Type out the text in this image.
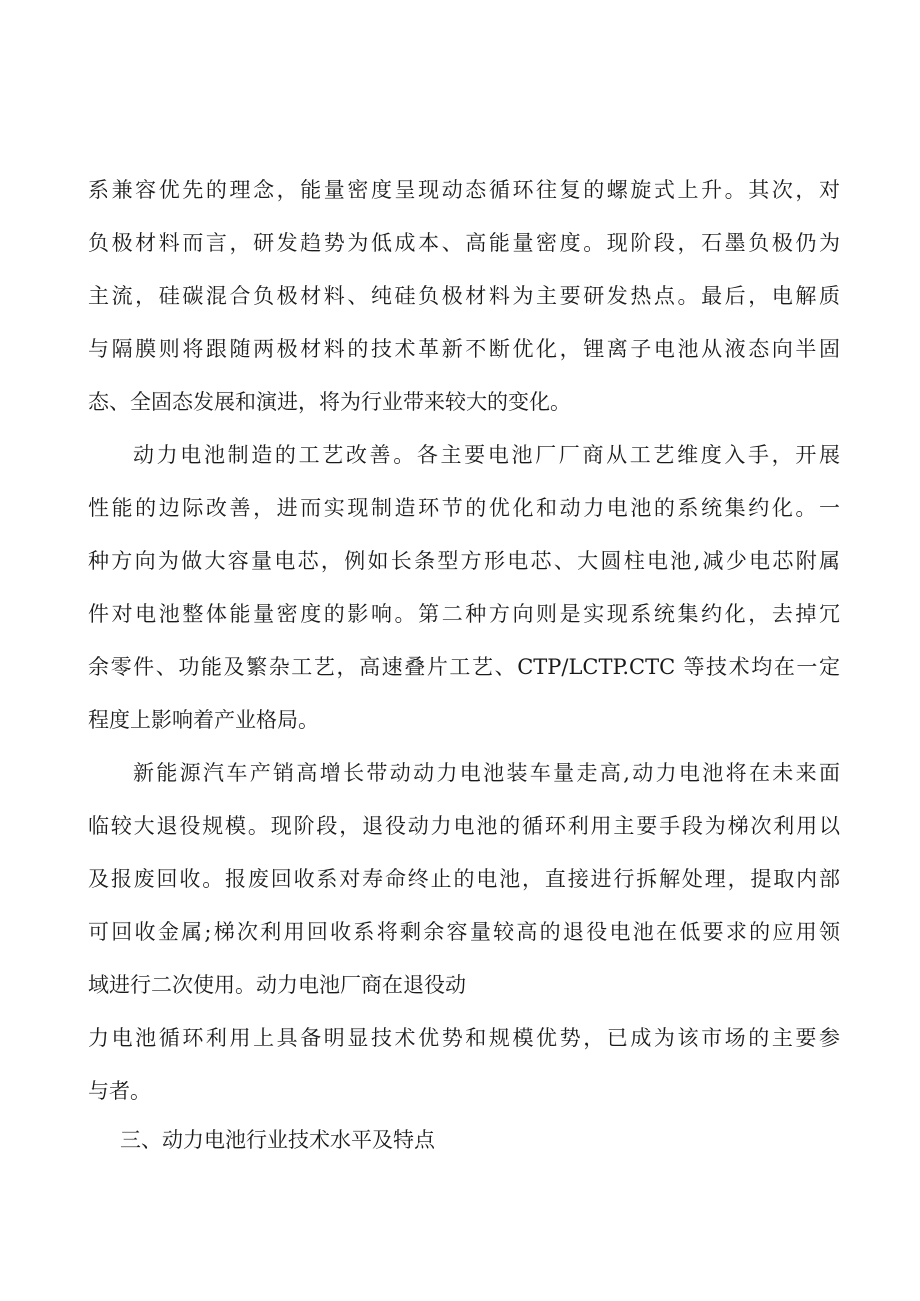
系兼容优先的理念，能量密度呈现动态循环往复的螺旋式上升。其次，对
负极材料而言，研发趋势为低成本、高能量密度。现阶段，石墨负极仍为
主流，硅碳混合负极材料、纯硅负极材料为主要研发热点。最后，电解质
与隔膜则将跟随两极材料的技术革新不断优化，锂离子电池从液态向半固
态、全固态发展和演进，将为行业带来较大的变化。
动力电池制造的工艺改善。各主要电池厂厂商从工艺维度入手，开展
性能的边际改善，进而实现制造环节的优化和动力电池的系统集约化。一
种方向为做大容量电芯，例如长条型方形电芯、大圆柱电池,减少电芯附属
件对电池整体能量密度的影响。第二种方向则是实现系统集约化，去掉冗
余零件、功能及繁杂工艺，高速叠片工艺、CTP/LCTP.CTC 等技术均在一定
程度上影响着产业格局。
新能源汽车产销高增长带动动力电池装车量走高,动力电池将在未来面
临较大退役规模。现阶段，退役动力电池的循环利用主要手段为梯次利用以
及报废回收。报废回收系对寿命终止的电池，直接进行拆解处理，提取内部
可回收金属;梯次利用回收系将剩余容量较高的退役电池在低要求的应用领
域进行二次使用。动力电池厂商在退役动
力电池循环利用上具备明显技术优势和规模优势，已成为该市场的主要参
与者。
三、动力电池行业技术水平及特点
